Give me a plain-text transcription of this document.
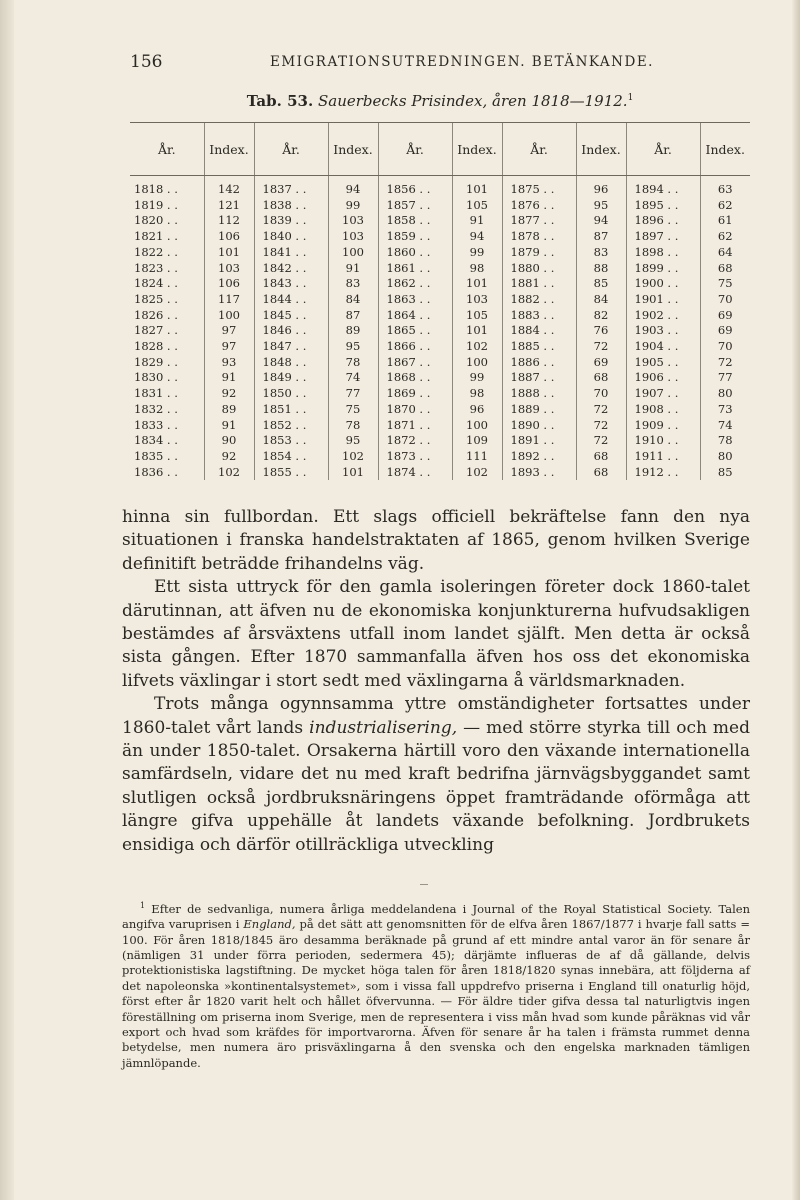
156	EMIGRATIONSUTREDNINGEN. BETÄNKANDE.
Tab. 53. Sauerbecks Prisindex, åren 1818—1912.$^1$
År.	Index.	År.	Index.	År.	Index.	År.	Index.	År.	Index.
1818 . .	142	1837 . .	94	1856 . .	101	1875 . .	96	1894 . .	63
1819 . .	121	1838 . .	99	1857 . .	105	1876 . .	95	1895 . .	62
1820 . .	112	1839 . .	103	1858 . .	91	1877 . .	94	1896 . .	61
1821 . .	106	1840 . .	103	1859 . .	94	1878 . .	87	1897 . .	62
1822 . .	101	1841 . .	100	1860 . .	99	1879 . .	83	1898 . .	64
1823 . .	103	1842 . .	91	1861 . .	98	1880 . .	88	1899 . .	68
1824 . .	106	1843 . .	83	1862 . .	101	1881 . .	85	1900 . .	75
1825 . .	117	1844 . .	84	1863 . .	103	1882 . .	84	1901 . .	70
1826 . .	100	1845 . .	87	1864 . .	105	1883 . .	82	1902 . .	69
1827 . .	97	1846 . .	89	1865 . .	101	1884 . .	76	1903 . .	69
1828 . .	97	1847 . .	95	1866 . .	102	1885 . .	72	1904 . .	70
1829 . .	93	1848 . .	78	1867 . .	100	1886 . .	69	1905 . .	72
1830 . .	91	1849 . .	74	1868 . .	99	1887 . .	68	1906 . .	77
1831 . .	92	1850 . .	77	1869 . .	98	1888 . .	70	1907 . .	80
1832 . .	89	1851 . .	75	1870 . .	96	1889 . .	72	1908 . .	73
1833 . .	91	1852 . .	78	1871 . .	100	1890 . .	72	1909 . .	74
1834 . .	90	1853 . .	95	1872 . .	109	1891 . .	72	1910 . .	78
1835 . .	92	1854 . .	102	1873 . .	111	1892 . .	68	1911 . .	80
1836 . .	102	1855 . .	101	1874 . .	102	1893 . .	68	1912 . .	85

hinna sin fullbordan. Ett slags officiell bekräftelse fann den nya situationen i franska handelstraktaten af 1865, genom hvilken Sverige definitift beträdde frihandelns väg.

Ett sista uttryck för den gamla isoleringen företer dock 1860-talet därutinnan, att äfven nu de ekonomiska konjunkturerna hufvudsakligen bestämdes af årsväxtens utfall inom landet själft. Men detta är också sista gången. Efter 1870 sammanfalla äfven hos oss det ekonomiska lifvets växlingar i stort sedt med växlingarna å världsmarknaden.

Trots många ogynnsamma yttre omständigheter fortsattes under 1860-talet vårt lands industrialisering, — med större styrka till och med än under 1850-talet. Orsakerna härtill voro den växande internationella samfärdseln, vidare det nu med kraft bedrifna järnvägsbyggandet samt slutligen också jordbruksnäringens öppet framträdande oförmåga att längre gifva uppehälle åt landets växande befolkning. Jordbrukets ensidiga och därför otillräckliga utveckling

$^1$ Efter de sedvanliga, numera årliga meddelandena i Journal of the Royal Statistical Society. Talen angifva varuprisen i England, på det sätt att genomsnitten för de elfva åren 1867/1877 i hvarje fall satts = 100. För åren 1818/1845 äro desamma beräknade på grund af ett mindre antal varor än för senare år (nämligen 31 under förra perioden, sedermera 45); därjämte influeras de af då gällande, delvis protektionistiska lagstiftning. De mycket höga talen för åren 1818/1820 synas innebära, att följderna af det napoleonska »kontinentalsystemet», som i vissa fall uppdrefvo priserna i England till onaturlig höjd, först efter år 1820 varit helt och hållet öfvervunna. — För äldre tider gifva dessa tal naturligtvis ingen föreställning om priserna inom Sverige, men de representera i viss mån hvad som kunde påräknas vid vår export och hvad som kräfdes för importvarorna. Äfven för senare år ha talen i främsta rummet denna betydelse, men numera äro prisväxlingarna å den svenska och den engelska marknaden tämligen jämnlöpande.
